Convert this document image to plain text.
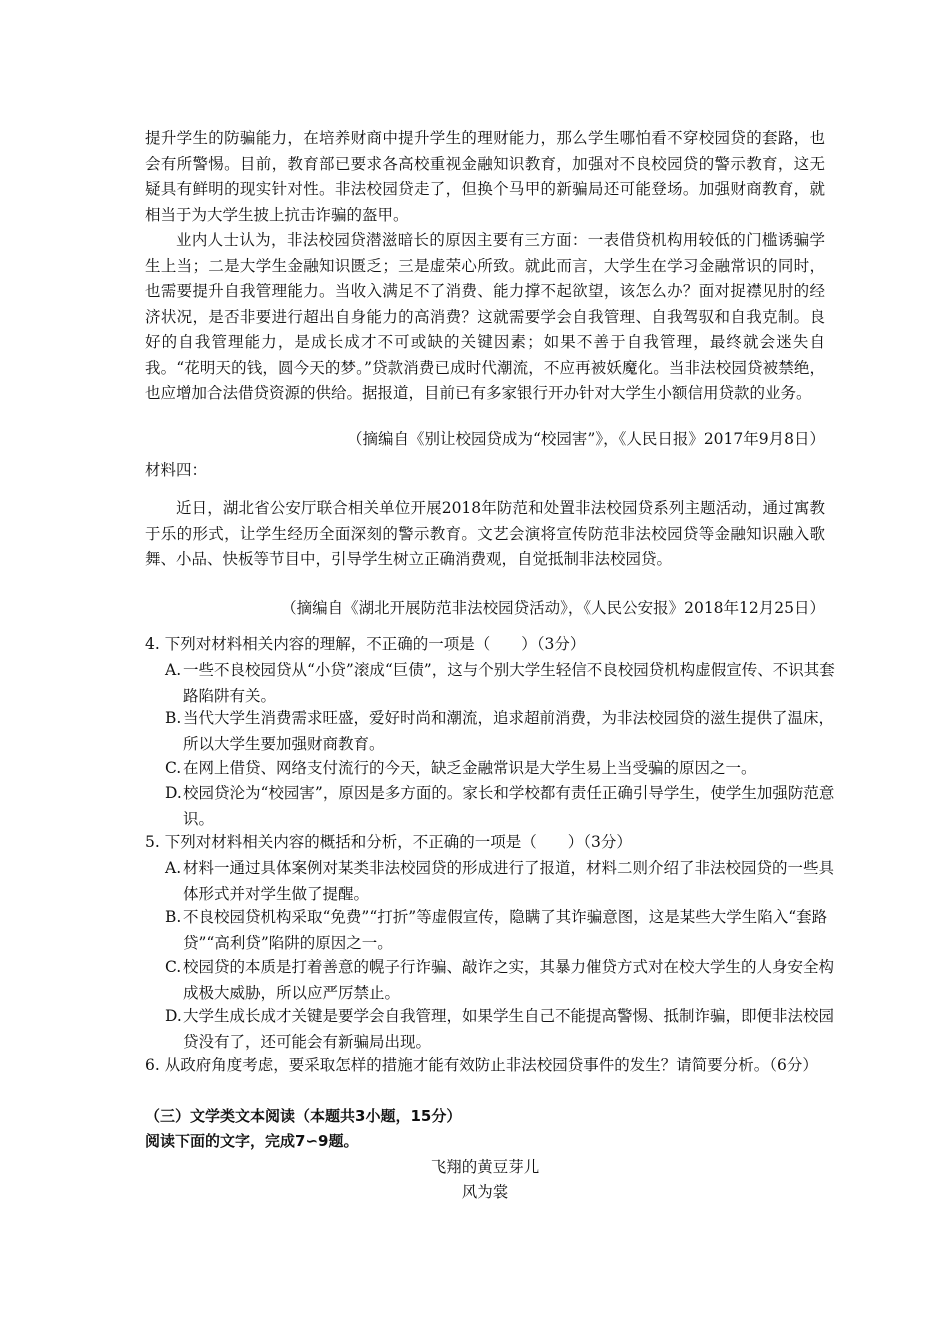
提升学生的防骗能力，在培养财商中提升学生的理财能力，那么学生哪怕看不穿校园贷的套路，也会有所警惕。目前，教育部已要求各高校重视金融知识教育，加强对不良校园贷的警示教育，这无疑具有鲜明的现实针对性。非法校园贷走了，但换个马甲的新骗局还可能登场。加强财商教育，就相当于为大学生披上抗击诈骗的盔甲。

业内人士认为，非法校园贷潜滋暗长的原因主要有三方面：一表借贷机构用较低的门槛诱骗学生上当；二是大学生金融知识匮乏；三是虚荣心所致。就此而言，大学生在学习金融常识的同时，也需要提升自我管理能力。当收入满足不了消费、能力撑不起欲望，该怎么办？面对捉襟见肘的经济状况，是否非要进行超出自身能力的高消费？这就需要学会自我管理、自我驾驭和自我克制。良好的自我管理能力，是成长成才不可或缺的关键因素；如果不善于自我管理，最终就会迷失自我。“花明天的钱，圆今天的梦。”贷款消费已成时代潮流，不应再被妖魔化。当非法校园贷被禁绝，也应增加合法借贷资源的供给。据报道，目前已有多家银行开办针对大学生小额信用贷款的业务。

（摘编自《别让校园贷成为“校园害”》，《人民日报》2017年9月8日）

材料四：

近日，湖北省公安厅联合相关单位开展2018年防范和处置非法校园贷系列主题活动，通过寓教于乐的形式，让学生经历全面深刻的警示教育。文艺会演将宣传防范非法校园贷等金融知识融入歌舞、小品、快板等节目中，引导学生树立正确消费观，自觉抵制非法校园贷。

（摘编自《湖北开展防范非法校园贷活动》，《人民公安报》2018年12月25日）

4. 下列对材料相关内容的理解，不正确的一项是（　　）（3分）

A. 一些不良校园贷从“小贷”滚成“巨债”，这与个别大学生轻信不良校园贷机构虚假宣传、不识其套路陷阱有关。

B. 当代大学生消费需求旺盛，爱好时尚和潮流，追求超前消费，为非法校园贷的滋生提供了温床，所以大学生要加强财商教育。

C. 在网上借贷、网络支付流行的今天，缺乏金融常识是大学生易上当受骗的原因之一。

D.校园贷沦为“校园害”，原因是多方面的。家长和学校都有责任正确引导学生，使学生加强防范意识。

5. 下列对材料相关内容的概括和分析，不正确的一项是（　　）（3分）

A. 材料一通过具体案例对某类非法校园贷的形成进行了报道，材料二则介绍了非法校园贷的一些具体形式并对学生做了提醒。

B. 不良校园贷机构采取“免费”“打折”等虚假宣传，隐瞒了其诈骗意图，这是某些大学生陷入“套路贷”“高利贷”陷阱的原因之一。

C. 校园贷的本质是打着善意的幌子行诈骗、敲诈之实，其暴力催贷方式对在校大学生的人身安全构成极大威胁，所以应严厉禁止。

D.大学生成长成才关键是要学会自我管理，如果学生自己不能提高警惕、抵制诈骗，即便非法校园贷没有了，还可能会有新骗局出现。

6. 从政府角度考虑，要采取怎样的措施才能有效防止非法校园贷事件的发生？请简要分析。（6分）

（三）文学类文本阅读（本题共3小题，15分）

阅读下面的文字，完成7∽9题。

飞翔的黄豆芽儿

风为裳
